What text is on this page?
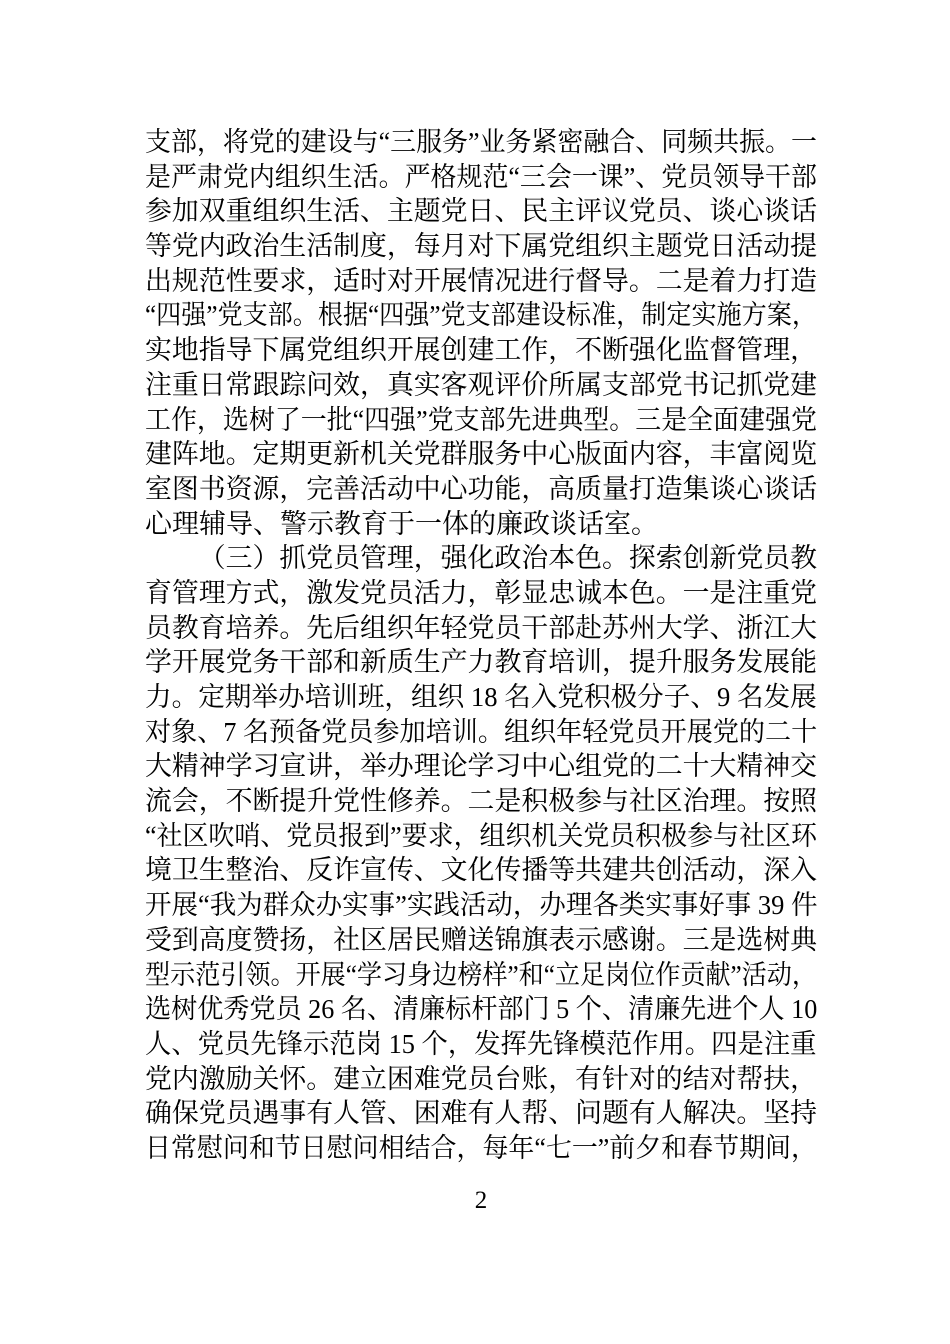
支部，将党的建设与“三服务”业务紧密融合、同频共振。一
是严肃党内组织生活。严格规范“三会一课”、党员领导干部
参加双重组织生活、主题党日、民主评议党员、谈心谈话
等党内政治生活制度，每月对下属党组织主题党日活动提
出规范性要求，适时对开展情况进行督导。二是着力打造
“四强”党支部。根据“四强”党支部建设标准，制定实施方案，
实地指导下属党组织开展创建工作，不断强化监督管理，
注重日常跟踪问效，真实客观评价所属支部党书记抓党建
工作，选树了一批“四强”党支部先进典型。三是全面建强党
建阵地。定期更新机关党群服务中心版面内容，丰富阅览
室图书资源，完善活动中心功能，高质量打造集谈心谈话
心理辅导、警示教育于一体的廉政谈话室。
（三）抓党员管理，强化政治本色。探索创新党员教
育管理方式，激发党员活力，彰显忠诚本色。一是注重党
员教育培养。先后组织年轻党员干部赴苏州大学、浙江大
学开展党务干部和新质生产力教育培训，提升服务发展能
力。定期举办培训班，组织 18 名入党积极分子、9 名发展
对象、7 名预备党员参加培训。组织年轻党员开展党的二十
大精神学习宣讲，举办理论学习中心组党的二十大精神交
流会，不断提升党性修养。二是积极参与社区治理。按照
“社区吹哨、党员报到”要求，组织机关党员积极参与社区环
境卫生整治、反诈宣传、文化传播等共建共创活动，深入
开展“我为群众办实事”实践活动，办理各类实事好事 39 件
受到高度赞扬，社区居民赠送锦旗表示感谢。三是选树典
型示范引领。开展“学习身边榜样”和“立足岗位作贡献”活动，
选树优秀党员 26 名、清廉标杆部门 5 个、清廉先进个人 10
人、党员先锋示范岗 15 个，发挥先锋模范作用。四是注重
党内激励关怀。建立困难党员台账，有针对的结对帮扶，
确保党员遇事有人管、困难有人帮、问题有人解决。坚持
日常慰问和节日慰问相结合，每年“七一”前夕和春节期间，
2
